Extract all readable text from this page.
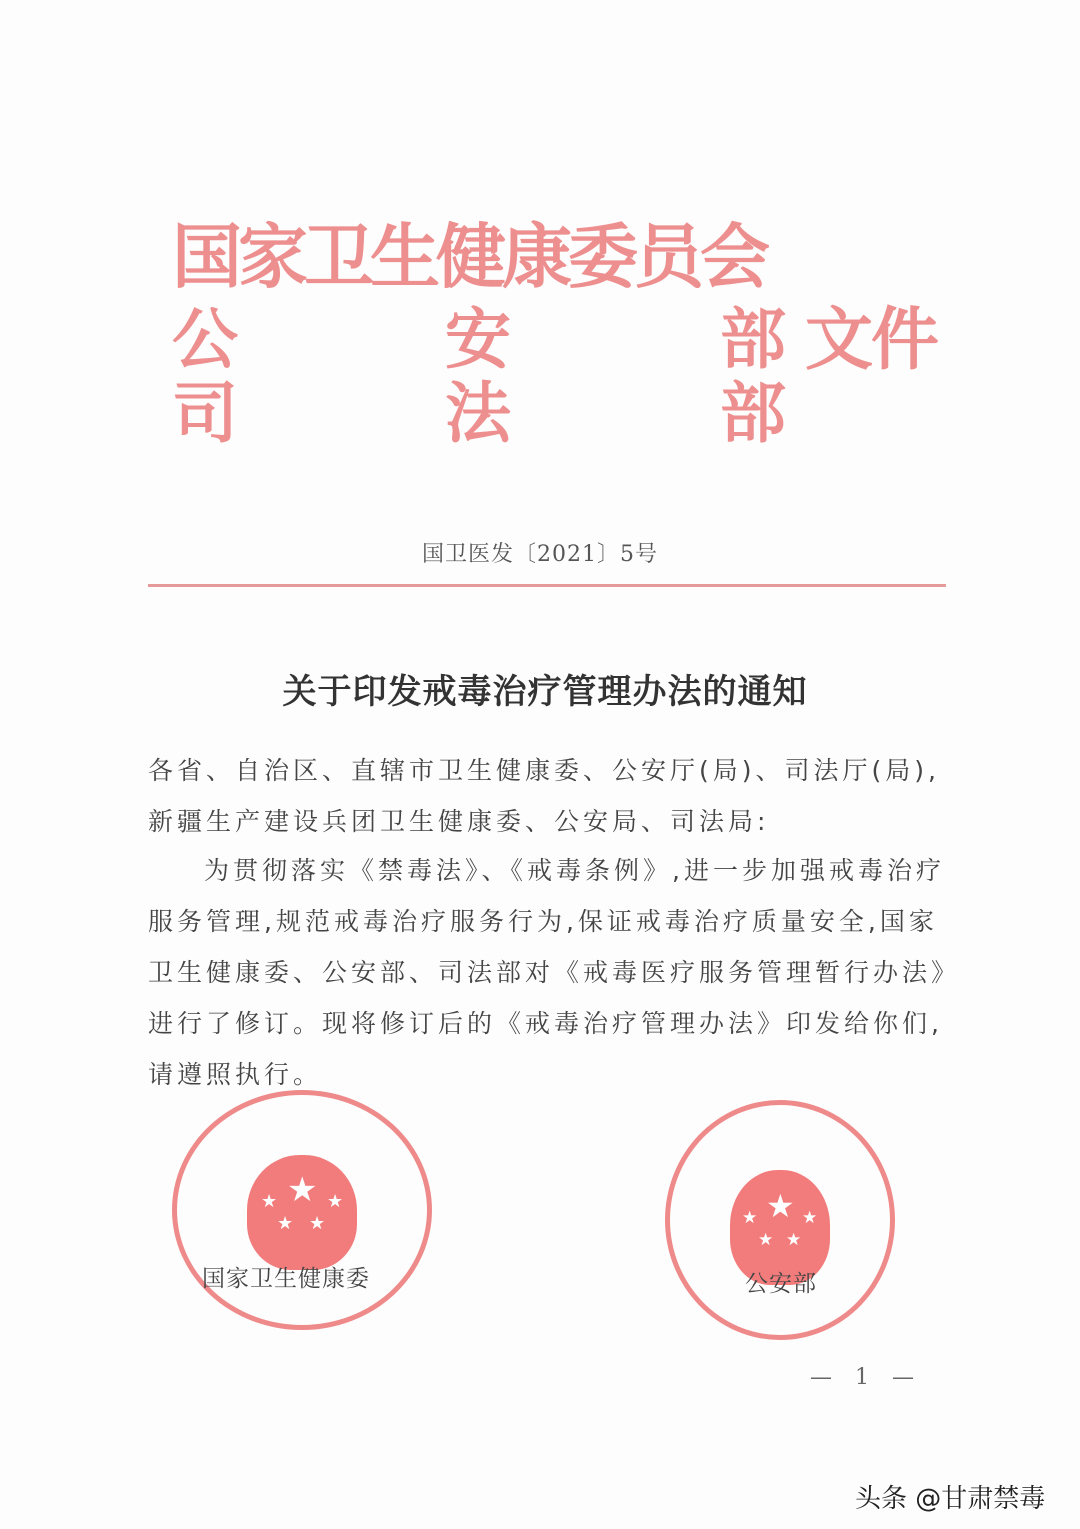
国家卫生健康委员会
公	安	部 文件
司	法	部
国卫医发〔2021〕5号
关于印发戒毒治疗管理办法的通知
各省、自治区、直辖市卫生健康委、公安厅(局)、司法厅(局),新疆生产建设兵团卫生健康委、公安局、司法局:
为贯彻落实《禁毒法》、《戒毒条例》,进一步加强戒毒治疗服务管理,规范戒毒治疗服务行为,保证戒毒治疗质量安全,国家卫生健康委、公安部、司法部对《戒毒医疗服务管理暂行办法》进行了修订。现将修订后的《戒毒治疗管理办法》印发给你们,请遵照执行。
★
★	★
★ ★
国家卫生健康委
★
★	★
★ ★
公安部
— 1 —
头条 @甘肃禁毒
